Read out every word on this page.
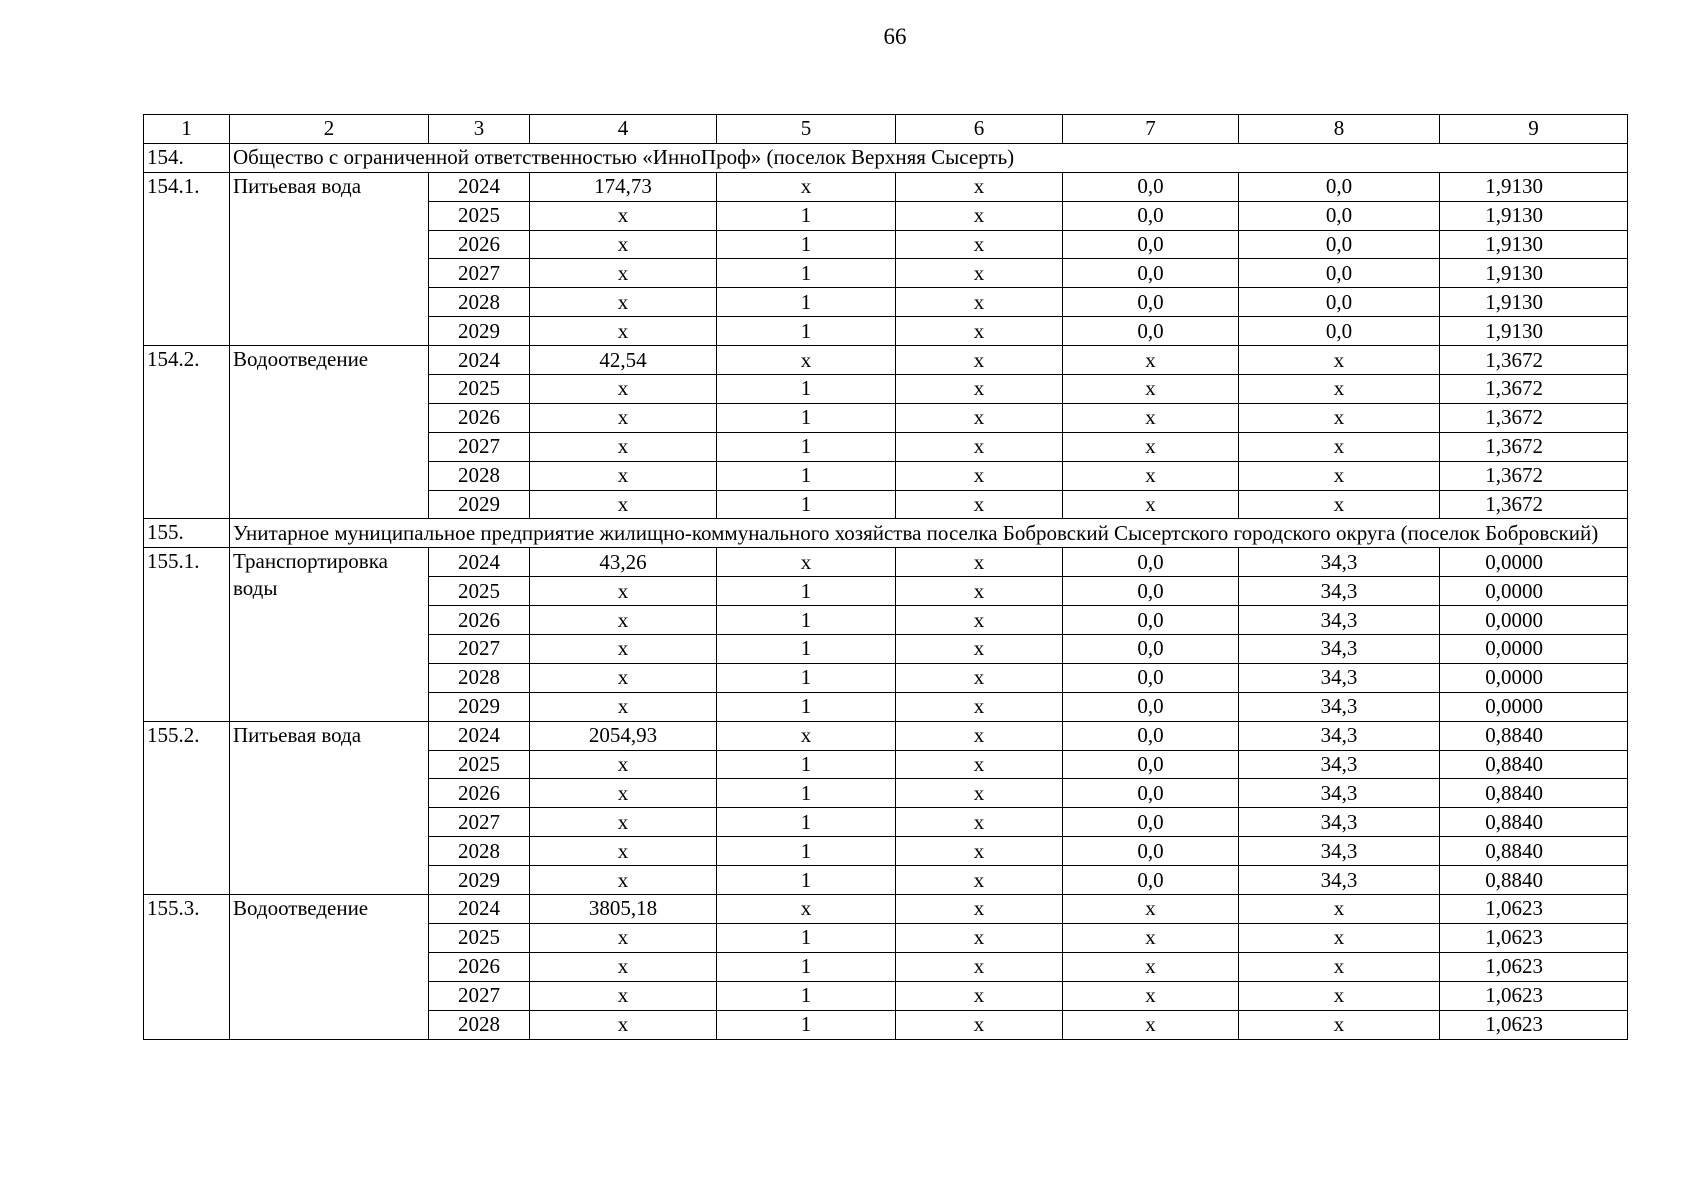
66
1	2	3	4	5	6	7	8	9
154.	Общество с ограниченной ответственностью «ИнноПроф» (поселок Верхняя Сысерть)							
154.1.	Питьевая вода	2024	174,73	x	x	0,0	0,0	1,9130
		2025	x	1	x	0,0	0,0	1,9130
		2026	x	1	x	0,0	0,0	1,9130
		2027	x	1	x	0,0	0,0	1,9130
		2028	x	1	x	0,0	0,0	1,9130
		2029	x	1	x	0,0	0,0	1,9130
154.2.	Водоотведение	2024	42,54	x	x	x	x	1,3672
		2025	x	1	x	x	x	1,3672
		2026	x	1	x	x	x	1,3672
		2027	x	1	x	x	x	1,3672
		2028	x	1	x	x	x	1,3672
		2029	x	1	x	x	x	1,3672
155.	Унитарное муниципальное предприятие жилищно-коммунального хозяйства поселка Бобровский Сысертского городского округа (поселок Бобровский)							
155.1.	Транспортировка воды	2024	43,26	x	x	0,0	34,3	0,0000
		2025	x	1	x	0,0	34,3	0,0000
		2026	x	1	x	0,0	34,3	0,0000
		2027	x	1	x	0,0	34,3	0,0000
		2028	x	1	x	0,0	34,3	0,0000
		2029	x	1	x	0,0	34,3	0,0000
155.2.	Питьевая вода	2024	2054,93	x	x	0,0	34,3	0,8840
		2025	x	1	x	0,0	34,3	0,8840
		2026	x	1	x	0,0	34,3	0,8840
		2027	x	1	x	0,0	34,3	0,8840
		2028	x	1	x	0,0	34,3	0,8840
		2029	x	1	x	0,0	34,3	0,8840
155.3.	Водоотведение	2024	3805,18	x	x	x	x	1,0623
		2025	x	1	x	x	x	1,0623
		2026	x	1	x	x	x	1,0623
		2027	x	1	x	x	x	1,0623
		2028	x	1	x	x	x	1,0623
